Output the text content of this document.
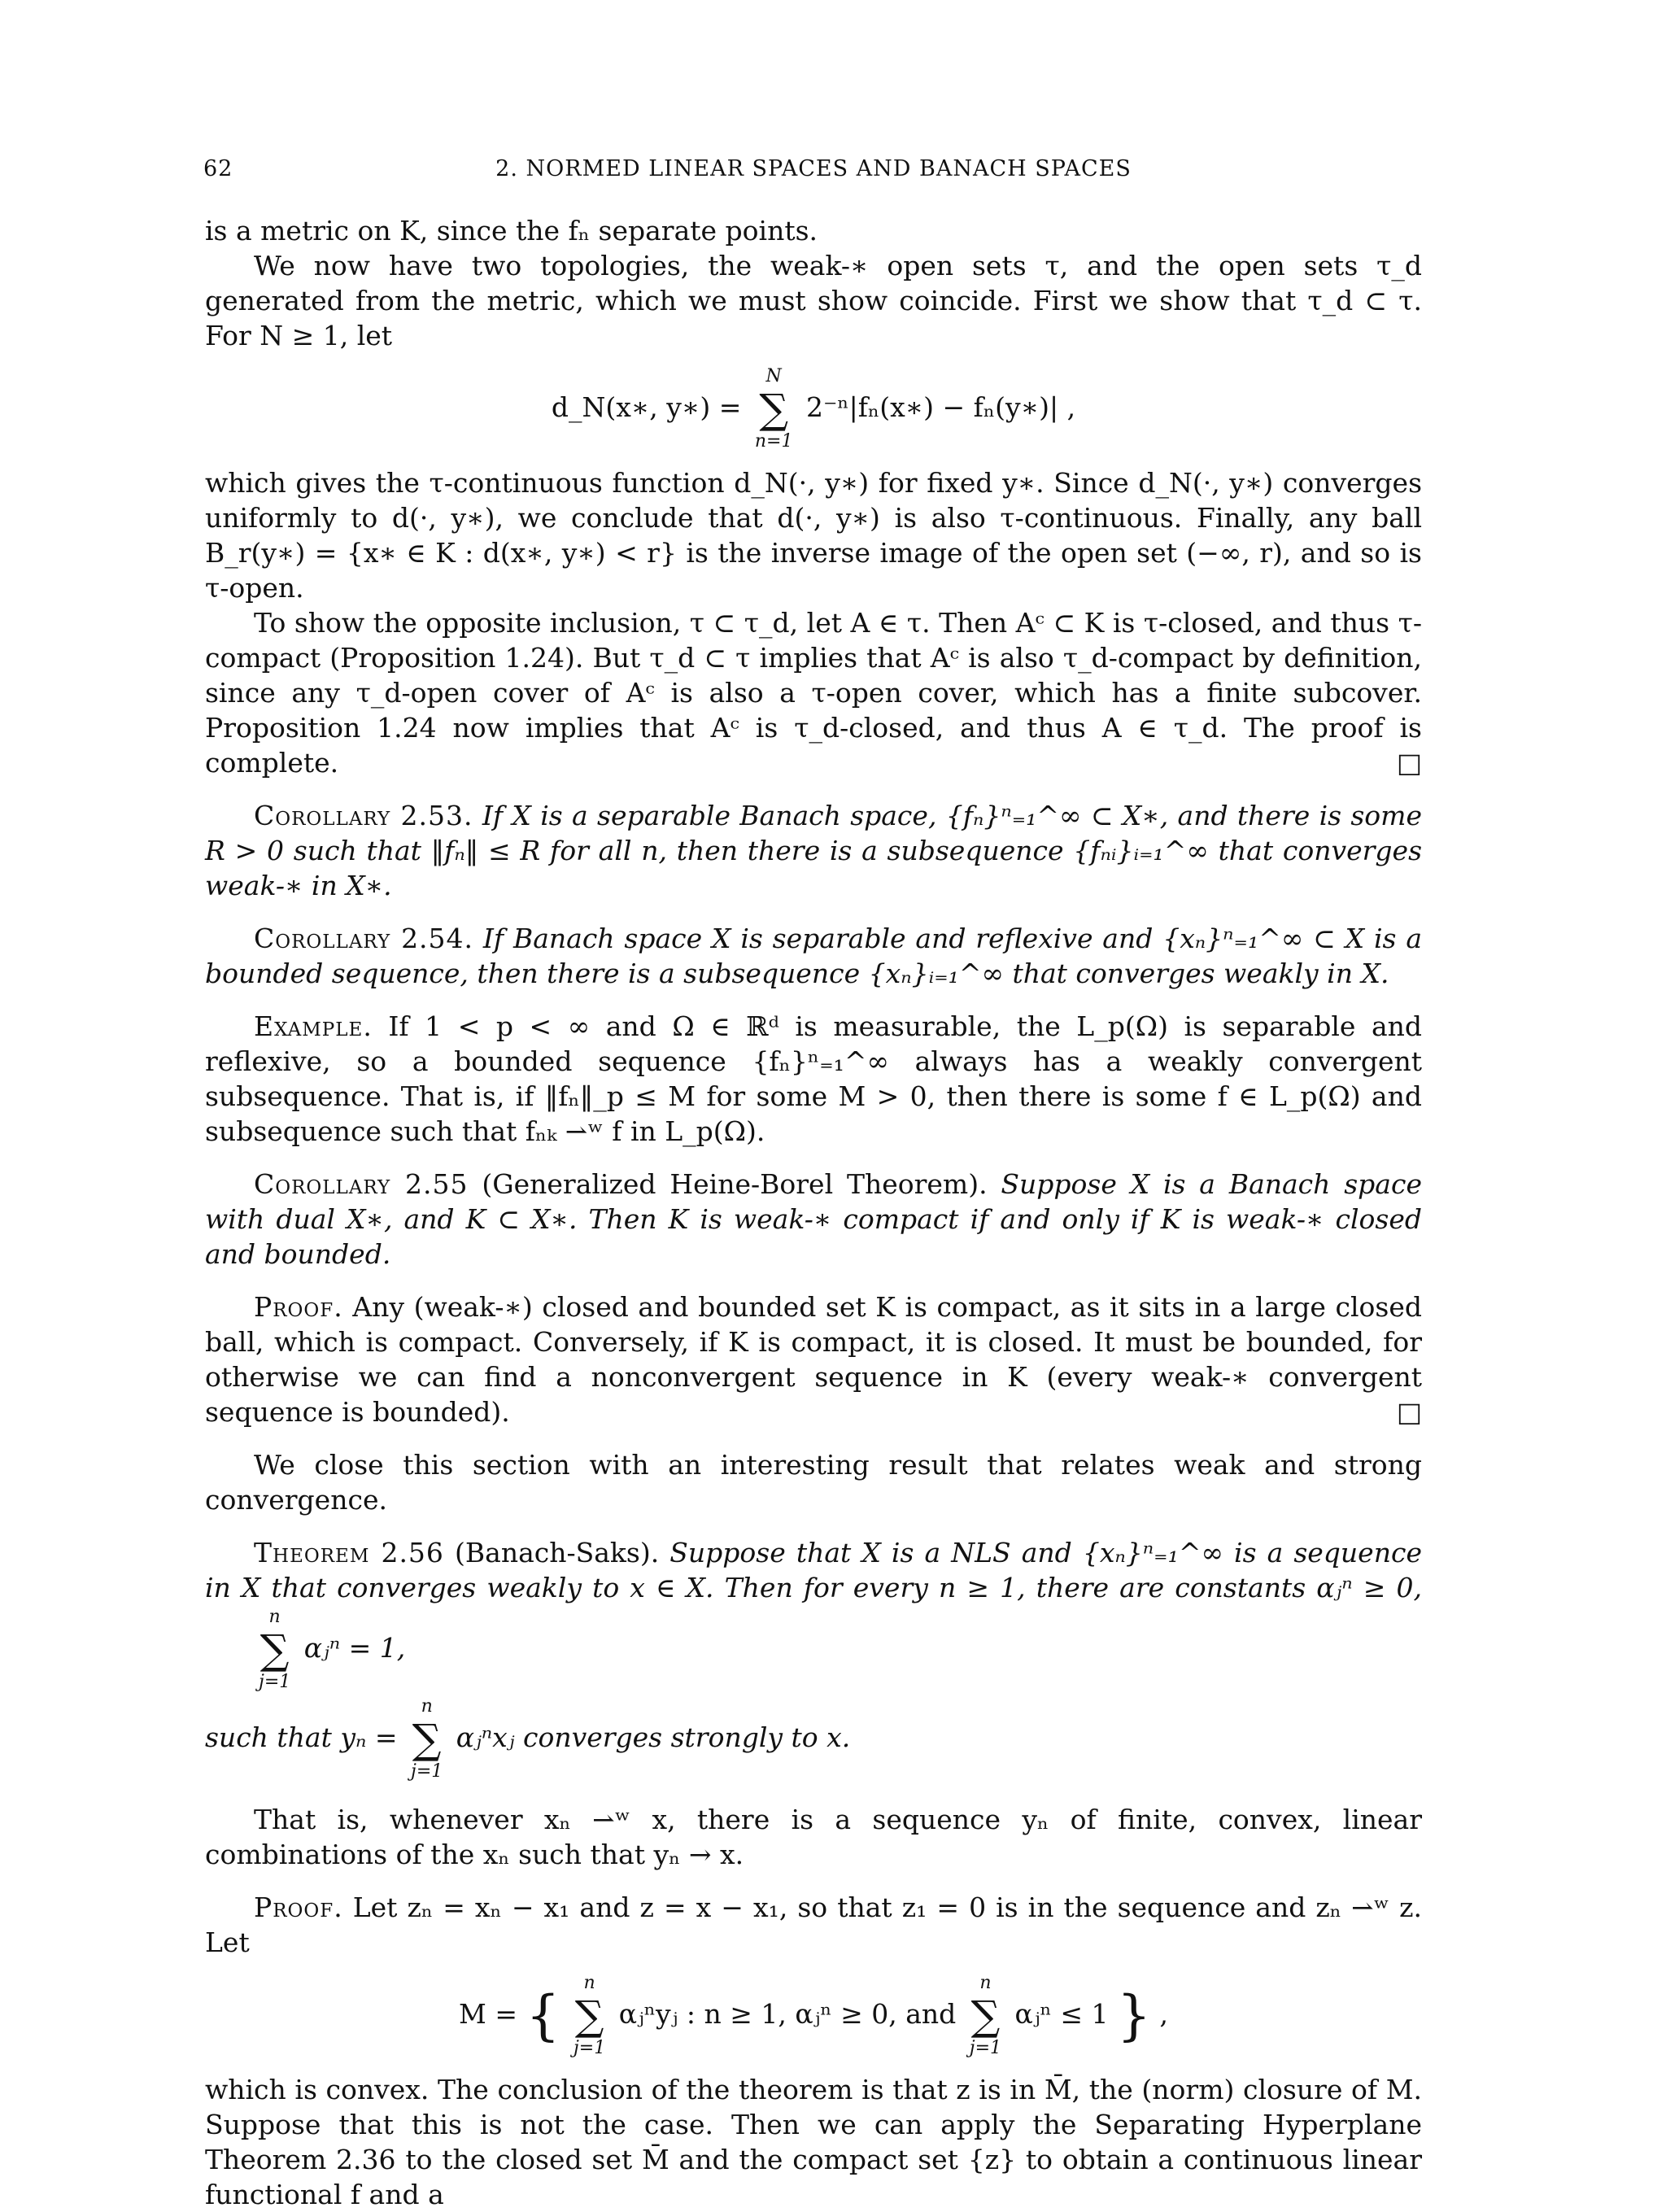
62	2. NORMED LINEAR SPACES AND BANACH SPACES

is a metric on K, since the fₙ separate points.

We now have two topologies, the weak-∗ open sets τ, and the open sets τ_d generated from the metric, which we must show coincide. First we show that τ_d ⊂ τ. For N ≥ 1, let

d_N(x∗, y∗) =
N
∑
n=1
2⁻ⁿ|fₙ(x∗) − fₙ(y∗)| ,

which gives the τ-continuous function d_N(·, y∗) for fixed y∗. Since d_N(·, y∗) converges uniformly to d(·, y∗), we conclude that d(·, y∗) is also τ-continuous. Finally, any ball B_r(y∗) = {x∗ ∈ K : d(x∗, y∗) < r} is the inverse image of the open set (−∞, r), and so is τ-open.

To show the opposite inclusion, τ ⊂ τ_d, let A ∈ τ. Then Aᶜ ⊂ K is τ-closed, and thus τ-compact (Proposition 1.24). But τ_d ⊂ τ implies that Aᶜ is also τ_d-compact by definition, since any τ_d-open cover of Aᶜ is also a τ-open cover, which has a finite subcover. Proposition 1.24 now implies that Aᶜ is τ_d-closed, and thus A ∈ τ_d. The proof is complete.	□

Corollary 2.53. If X is a separable Banach space, {fₙ}ⁿ₌₁^∞ ⊂ X∗, and there is some R > 0 such that ‖fₙ‖ ≤ R for all n, then there is a subsequence {fₙᵢ}ᵢ₌₁^∞ that converges weak-∗ in X∗.

Corollary 2.54. If Banach space X is separable and reflexive and {xₙ}ⁿ₌₁^∞ ⊂ X is a bounded sequence, then there is a subsequence {xₙ}ᵢ₌₁^∞ that converges weakly in X.

Example. If 1 < p < ∞ and Ω ∈ ℝᵈ is measurable, the L_p(Ω) is separable and reflexive, so a bounded sequence {fₙ}ⁿ₌₁^∞ always has a weakly convergent subsequence. That is, if ‖fₙ‖_p ≤ M for some M > 0, then there is some f ∈ L_p(Ω) and subsequence such that fₙₖ ⇀ʷ f in L_p(Ω).

Corollary 2.55 (Generalized Heine-Borel Theorem). Suppose X is a Banach space with dual X∗, and K ⊂ X∗. Then K is weak-∗ compact if and only if K is weak-∗ closed and bounded.

Proof. Any (weak-∗) closed and bounded set K is compact, as it sits in a large closed ball, which is compact. Conversely, if K is compact, it is closed. It must be bounded, for otherwise we can find a nonconvergent sequence in K (every weak-∗ convergent sequence is bounded).	□

We close this section with an interesting result that relates weak and strong convergence.

Theorem 2.56 (Banach-Saks). Suppose that X is a NLS and {xₙ}ⁿ₌₁^∞ is a sequence in X that converges weakly to x ∈ X. Then for every n ≥ 1, there are constants αⱼⁿ ≥ 0,
n
∑
j=1
αⱼⁿ = 1,

such that yₙ =
n
∑
j=1
αⱼⁿxⱼ converges strongly to x.

That is, whenever xₙ ⇀ʷ x, there is a sequence yₙ of finite, convex, linear combinations of the xₙ such that yₙ → x.

Proof. Let zₙ = xₙ − x₁ and z = x − x₁, so that z₁ = 0 is in the sequence and zₙ ⇀ʷ z. Let

M = {
n
∑
j=1
αⱼⁿyⱼ : n ≥ 1, αⱼⁿ ≥ 0, and
n
∑
j=1
αⱼⁿ ≤ 1 } ,

which is convex. The conclusion of the theorem is that z is in M̄, the (norm) closure of M. Suppose that this is not the case. Then we can apply the Separating Hyperplane Theorem 2.36 to the closed set M̄ and the compact set {z} to obtain a continuous linear functional f and a
